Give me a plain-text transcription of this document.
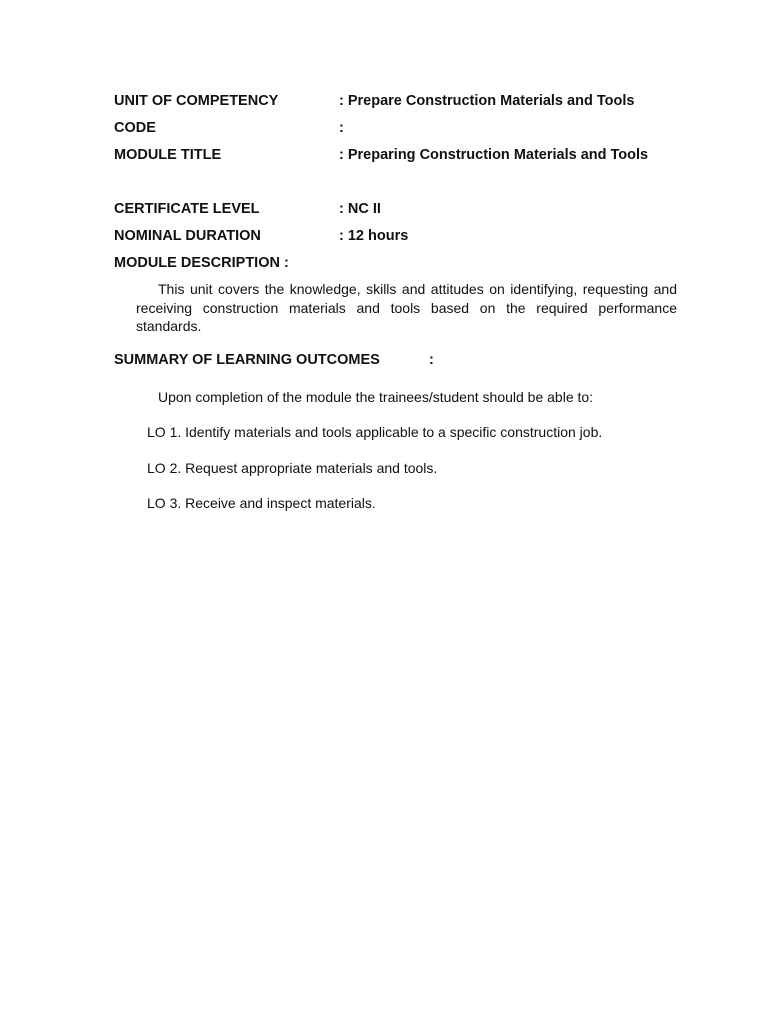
UNIT OF COMPETENCY	: Prepare Construction Materials and Tools
CODE	:
MODULE TITLE	: Preparing Construction Materials and Tools
CERTIFICATE LEVEL	: NC II
NOMINAL DURATION	: 12 hours
MODULE DESCRIPTION :
This unit covers the knowledge, skills and attitudes on identifying, requesting and receiving construction materials and tools based on the required performance standards.
SUMMARY OF LEARNING OUTCOMES	:
Upon completion of the module the trainees/student should be able to:
LO 1. Identify materials and tools applicable to a specific construction job.
LO 2. Request appropriate materials and tools.
LO 3. Receive and inspect materials.
